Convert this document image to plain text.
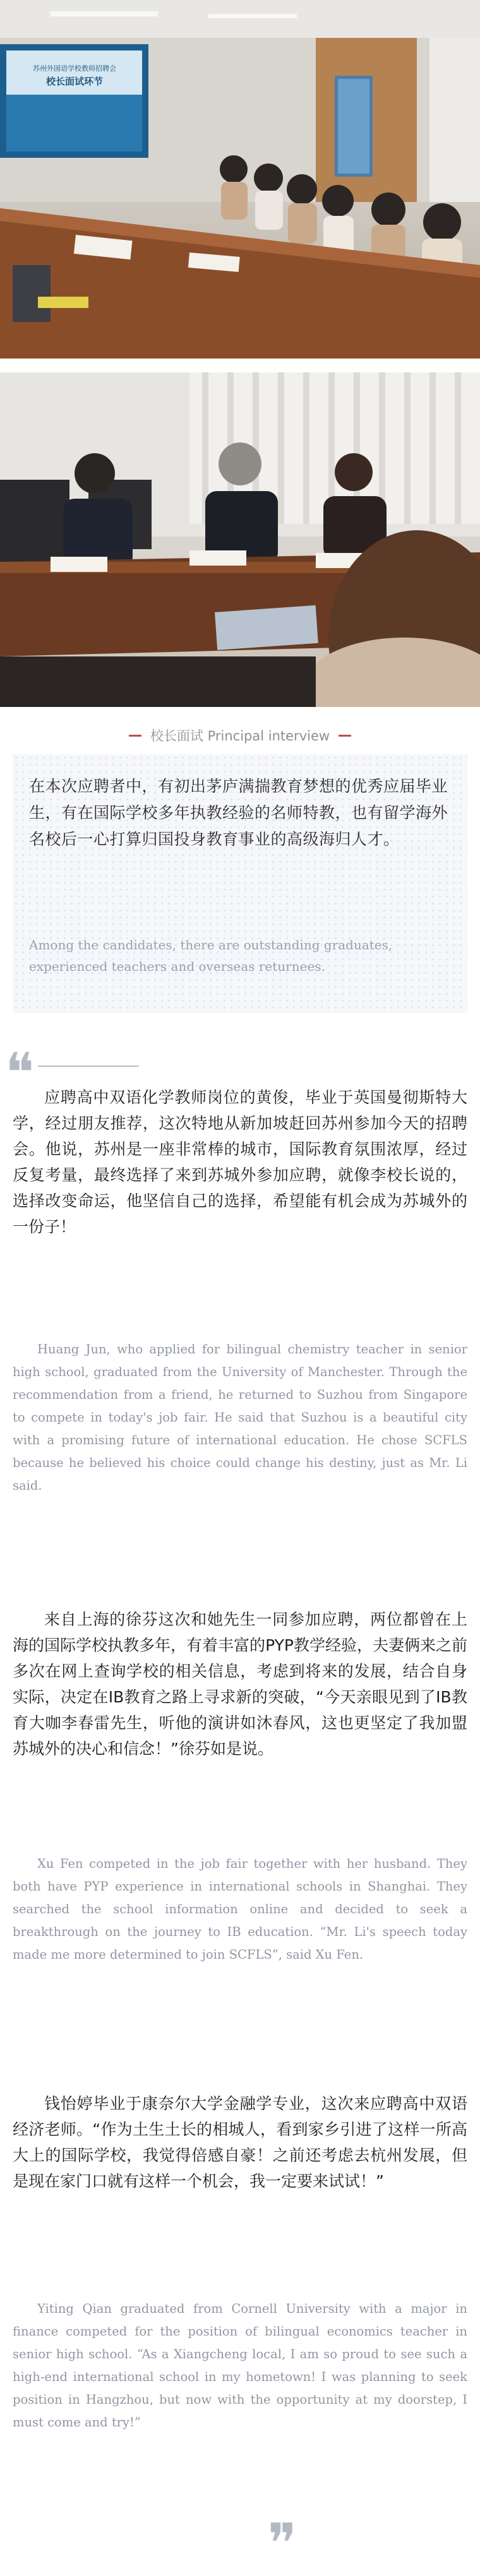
苏州外国语学校教师招聘会
校长面试环节
校长面试 Principal interview
在本次应聘者中，有初出茅庐满揣教育梦想的优秀应届毕业生，有在国际学校多年执教经验的名师特教，也有留学海外名校后一心打算归国投身教育事业的高级海归人才。
Among the candidates, there are outstanding graduates, experienced teachers and overseas returnees.
❝ 应聘高中双语化学教师岗位的黄俊，毕业于英国曼彻斯特大学，经过朋友推荐，这次特地从新加坡赶回苏州参加今天的招聘会。他说，苏州是一座非常棒的城市，国际教育氛围浓厚，经过反复考量，最终选择了来到苏城外参加应聘，就像李校长说的，选择改变命运，他坚信自己的选择，希望能有机会成为苏城外的一份子！
Huang Jun, who applied for bilingual chemistry teacher in senior high school, graduated from the University of Manchester. Through the recommendation from a friend, he returned to Suzhou from Singapore to compete in today's job fair. He said that Suzhou is a beautiful city with a promising future of international education. He chose SCFLS because he believed his choice could change his destiny, just as Mr. Li said.
来自上海的徐芬这次和她先生一同参加应聘，两位都曾在上海的国际学校执教多年，有着丰富的PYP教学经验，夫妻俩来之前多次在网上查询学校的相关信息，考虑到将来的发展，结合自身实际，决定在IB教育之路上寻求新的突破，“今天亲眼见到了IB教育大咖李春雷先生，听他的演讲如沐春风，这也更坚定了我加盟苏城外的决心和信念！”徐芬如是说。
Xu Fen competed in the job fair together with her husband. They both have PYP experience in international schools in Shanghai. They searched the school information online and decided to seek a breakthrough on the journey to IB education. “Mr. Li's speech today made me more determined to join SCFLS”, said Xu Fen.
钱怡婷毕业于康奈尔大学金融学专业，这次来应聘高中双语经济老师。“作为土生土长的相城人，看到家乡引进了这样一所高大上的国际学校，我觉得倍感自豪！之前还考虑去杭州发展，但是现在家门口就有这样一个机会，我一定要来试试！”
Yiting Qian graduated from Cornell University with a major in finance competed for the position of bilingual economics teacher in senior high school. “As a Xiangcheng local, I am so proud to see such a high-end international school in my hometown! I was planning to seek position in Hangzhou, but now with the opportunity at my doorstep, I must come and try!”
❞
